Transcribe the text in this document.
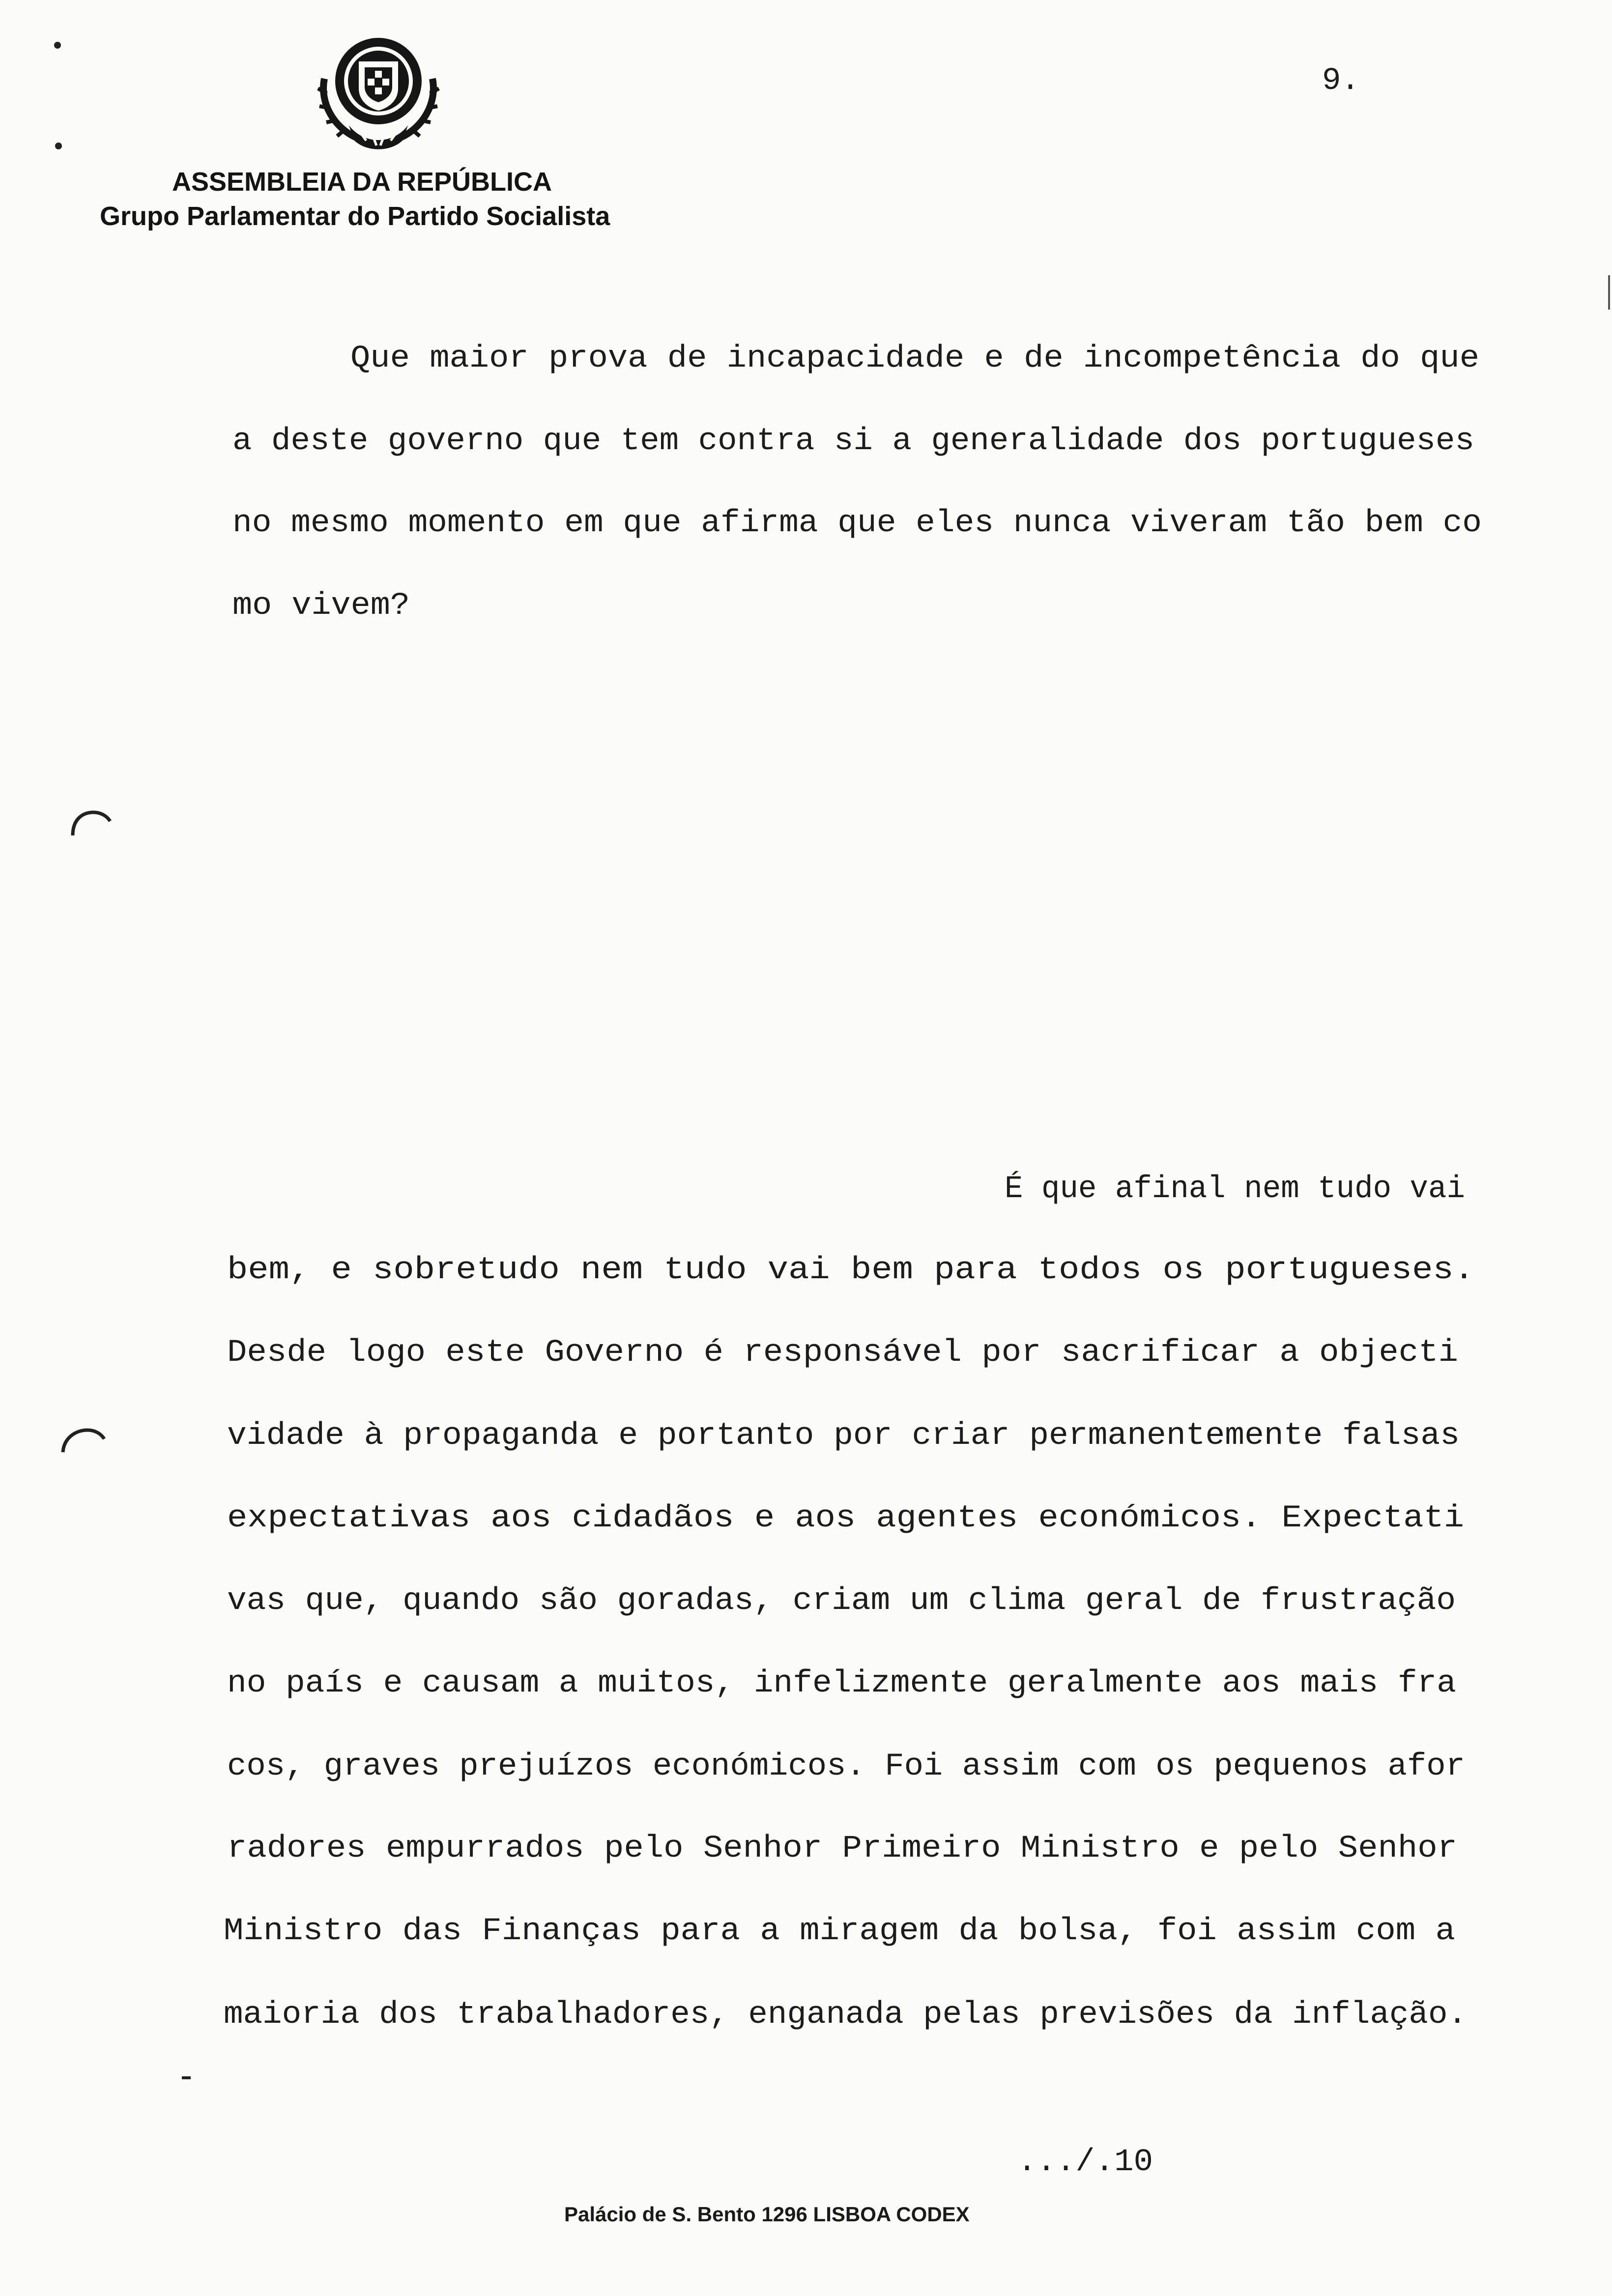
ASSEMBLEIA DA REPÚBLICA
Grupo Parlamentar do Partido Socialista
9.
Que maior prova de incapacidade e de incompetência do que
a deste governo que tem contra si a generalidade dos portugueses
no mesmo momento em que afirma que eles nunca viveram tão bem co
mo vivem?
É que afinal nem tudo vai
bem, e sobretudo nem tudo vai bem para todos os portugueses.
Desde logo este Governo é responsável por sacrificar a objecti
vidade à propaganda e portanto por criar permanentemente falsas
expectativas aos cidadãos e aos agentes económicos. Expectati
vas que, quando são goradas, criam um clima geral de frustração
no país e causam a muitos, infelizmente geralmente aos mais fra
cos, graves prejuízos económicos. Foi assim com os pequenos afor
radores empurrados pelo Senhor Primeiro Ministro e pelo Senhor
Ministro das Finanças para a miragem da bolsa, foi assim com a
maioria dos trabalhadores, enganada pelas previsões da inflação.
.../.10
Palácio de S. Bento 1296 LISBOA CODEX
